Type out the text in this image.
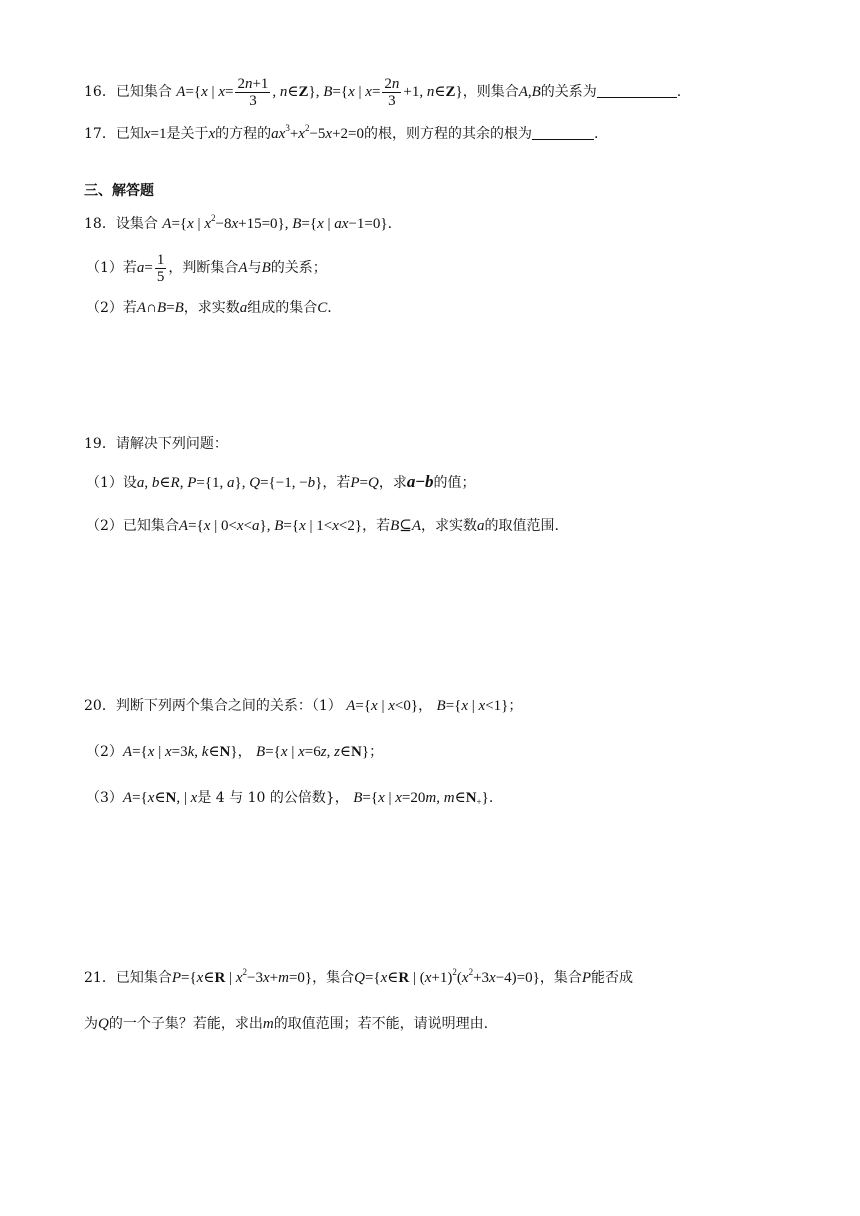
16．已知集合 A={x | $x= \frac{2n+1}{3}$ , n∈Z}, B={x | $x= \frac{2n}{3} +1$, n∈Z}，则集合A,B的关系为	.
17．已知x=1是关于x的方程的$ax^3+x^2-5x+2=0$的根，则方程的其余的根为	.
三、解答题
18．设集合 A={x | $x^2-8x+15=0$}, B={x | ax−1=0}.
（1）若$a= \frac{1}{5}$ ，判断集合A与B的关系；
（2）若A∩B=B，求实数a组成的集合C.
19．请解决下列问题：
（1）设a, b∈R, P={1, a}, Q={−1, −b}，若P=Q，求a−b的值；
（2）已知集合A={x | 0<x<a}, B={x | 1<x<2}，若B⊆A，求实数a的取值范围.
20．判断下列两个集合之间的关系：（1） A={x | x<0}， B={x | x<1}；
（2）A={x | x=3k, k∈N}， B={x | x=6z, z∈N}；
（3）A={x∈N, | x是 4 与 10 的公倍数}， B={x | x=20m, $m\in N_+$}.
21．已知集合P={x∈R | $x^2-3x+m=0$}，集合Q={x∈R | $(x+1)^2(x^2+3x-4)=0$}，集合P能否成
为Q的一个子集？若能，求出m的取值范围；若不能，请说明理由.
